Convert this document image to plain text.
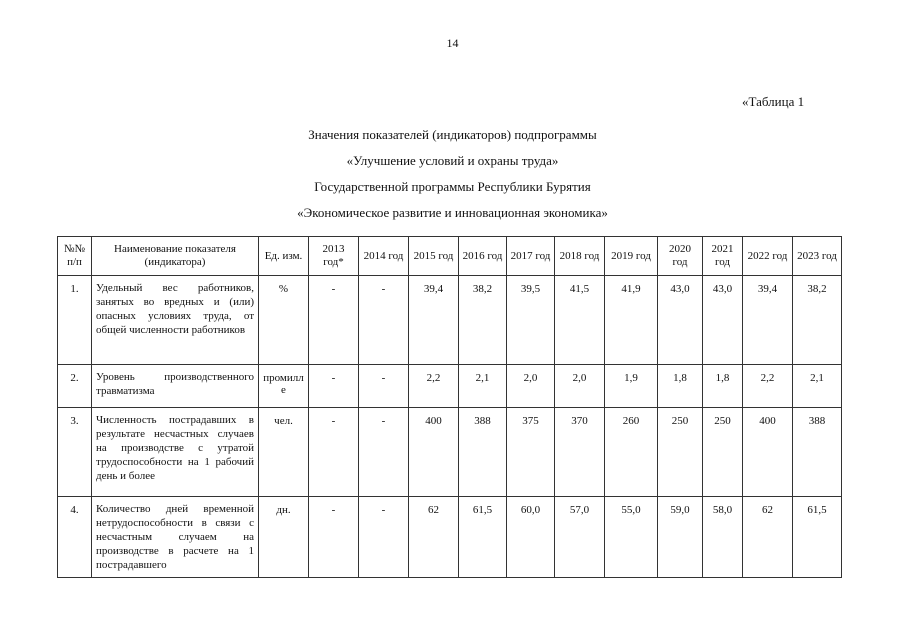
14
«Таблица 1
Значения показателей (индикаторов) подпрограммы
«Улучшение условий и охраны труда»
Государственной программы Республики Бурятия
«Экономическое развитие и инновационная экономика»
№№ п/п	Наименование показателя (индикатора)	Ед. изм.	2013 год*	2014 год	2015 год	2016 год	2017 год	2018 год	2019 год	2020 год	2021 год	2022 год	2023 год
1.	Удельный вес работников, занятых во вредных и (или) опасных условиях труда, от общей численности работников	%	-	-	39,4	38,2	39,5	41,5	41,9	43,0	43,0	39,4	38,2
2.	Уровень производственного травматизма	промилле	-	-	2,2	2,1	2,0	2,0	1,9	1,8	1,8	2,2	2,1
3.	Численность пострадавших в результате несчастных случаев на производстве с утратой трудоспособности на 1 рабочий день и более	чел.	-	-	400	388	375	370	260	250	250	400	388
4.	Количество дней временной нетрудоспособности в связи с несчастным случаем на производстве в расчете на 1 пострадавшего	дн.	-	-	62	61,5	60,0	57,0	55,0	59,0	58,0	62	61,5
